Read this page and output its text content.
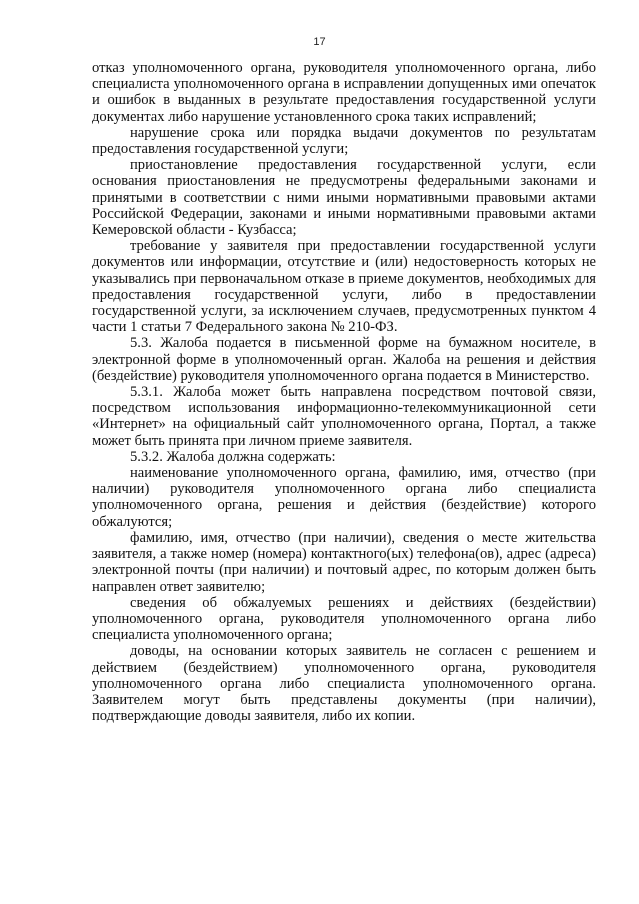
17

отказ уполномоченного органа, руководителя уполномоченного органа, либо специалиста уполномоченного органа в исправлении допущенных ими опечаток и ошибок в выданных в результате предоставления государственной услуги документах либо нарушение установленного срока таких исправлений;

нарушение срока или порядка выдачи документов по результатам предоставления государственной услуги;

приостановление предоставления государственной услуги, если основания приостановления не предусмотрены федеральными законами и принятыми в соответствии с ними иными нормативными правовыми актами Российской Федерации, законами и иными нормативными правовыми актами Кемеровской области - Кузбасса;

требование у заявителя при предоставлении государственной услуги документов или информации, отсутствие и (или) недостоверность которых не указывались при первоначальном отказе в приеме документов, необходимых для предоставления государственной услуги, либо в предоставлении государственной услуги, за исключением случаев, предусмотренных пунктом 4 части 1 статьи 7 Федерального закона № 210-ФЗ.

5.3. Жалоба подается в письменной форме на бумажном носителе, в электронной форме в уполномоченный орган. Жалоба на решения и действия (бездействие) руководителя уполномоченного органа подается в Министерство.

5.3.1. Жалоба может быть направлена посредством почтовой связи, посредством использования информационно-телекоммуникационной сети «Интернет» на официальный сайт уполномоченного органа, Портал, а также может быть принята при личном приеме заявителя.

5.3.2. Жалоба должна содержать:

наименование уполномоченного органа, фамилию, имя, отчество (при наличии) руководителя уполномоченного органа либо специалиста уполномоченного органа, решения и действия (бездействие) которого обжалуются;

фамилию, имя, отчество (при наличии), сведения о месте жительства заявителя, а также номер (номера) контактного(ых) телефона(ов), адрес (адреса) электронной почты (при наличии) и почтовый адрес, по которым должен быть направлен ответ заявителю;

сведения об обжалуемых решениях и действиях (бездействии) уполномоченного органа, руководителя уполномоченного органа либо специалиста уполномоченного органа;

доводы, на основании которых заявитель не согласен с решением и действием (бездействием) уполномоченного органа, руководителя уполномоченного органа либо специалиста уполномоченного органа. Заявителем могут быть представлены документы (при наличии), подтверждающие доводы заявителя, либо их копии.
